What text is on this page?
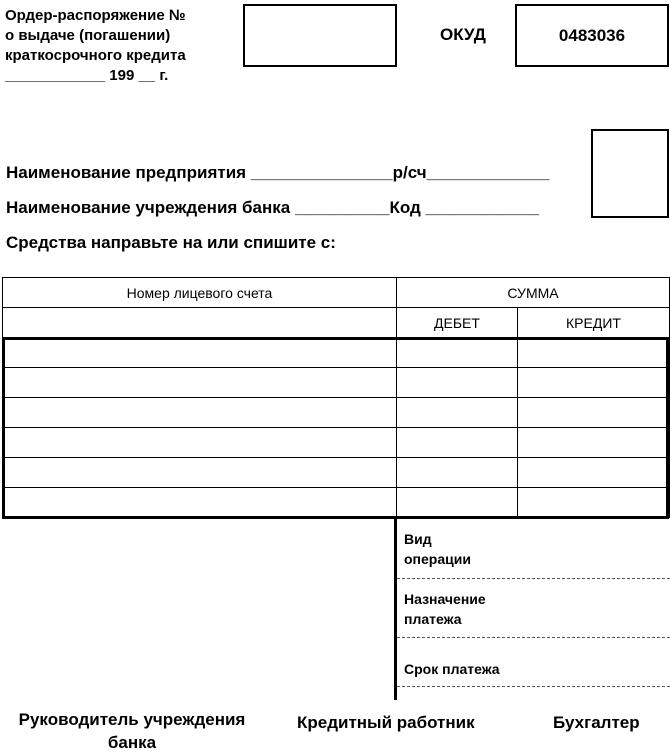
Ордер-распоряжение №
о выдаче (погашении)
краткосрочного кредита
____________ 199 __ г.
ОКУД	0483036
Наименование предприятия _______________р/сч_____________
Наименование учреждения банка __________Код ____________
Средства направьте на или спишите с:
Номер лицевого счета	СУММА	
	ДЕБЕТ	КРЕДИТ

Вид
операции
Назначение
платежа
Срок платежа
Руководитель учреждения
банка
Кредитный работник	Бухгалтер
